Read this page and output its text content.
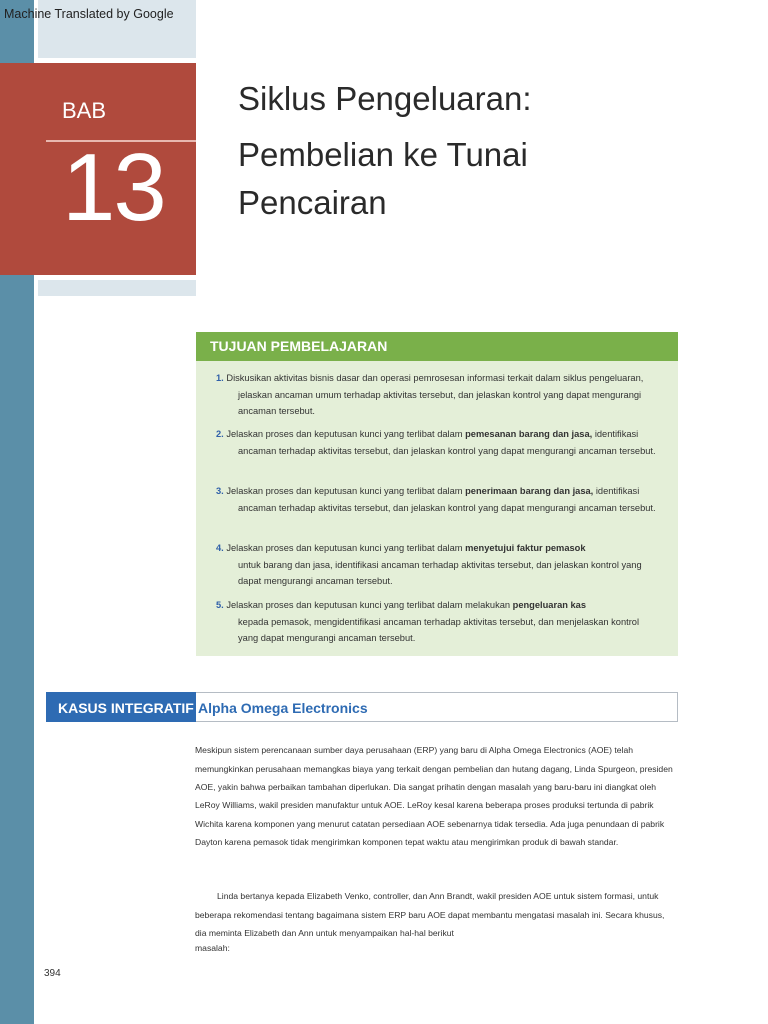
Machine Translated by Google
BAB
13
Siklus Pengeluaran:
Pembelian ke Tunai
Pencairan
TUJUAN PEMBELAJARAN
1. Diskusikan aktivitas bisnis dasar dan operasi pemrosesan informasi terkait dalam siklus pengeluaran,
jelaskan ancaman umum terhadap aktivitas tersebut, dan jelaskan kontrol yang dapat mengurangi
ancaman tersebut.
2. Jelaskan proses dan keputusan kunci yang terlibat dalam pemesanan barang dan jasa, identifikasi
ancaman terhadap aktivitas tersebut, dan jelaskan kontrol yang dapat mengurangi ancaman tersebut.
3. Jelaskan proses dan keputusan kunci yang terlibat dalam penerimaan barang dan jasa, identifikasi
ancaman terhadap aktivitas tersebut, dan jelaskan kontrol yang dapat mengurangi ancaman tersebut.
4. Jelaskan proses dan keputusan kunci yang terlibat dalam menyetujui faktur pemasok
untuk barang dan jasa, identifikasi ancaman terhadap aktivitas tersebut, dan jelaskan kontrol yang
dapat mengurangi ancaman tersebut.
5. Jelaskan proses dan keputusan kunci yang terlibat dalam melakukan pengeluaran kas
kepada pemasok, mengidentifikasi ancaman terhadap aktivitas tersebut, dan menjelaskan kontrol
yang dapat mengurangi ancaman tersebut.
KASUS INTEGRATIF Alpha Omega Electronics
Meskipun sistem perencanaan sumber daya perusahaan (ERP) yang baru di Alpha Omega Electronics (AOE) telah
memungkinkan perusahaan memangkas biaya yang terkait dengan pembelian dan hutang dagang, Linda Spurgeon, presiden
AOE, yakin bahwa perbaikan tambahan diperlukan. Dia sangat prihatin dengan masalah yang baru-baru ini diangkat oleh
LeRoy Williams, wakil presiden manufaktur untuk AOE. LeRoy kesal karena beberapa proses produksi tertunda di pabrik
Wichita karena komponen yang menurut catatan persediaan AOE sebenarnya tidak tersedia. Ada juga penundaan di pabrik
Dayton karena pemasok tidak mengirimkan komponen tepat waktu atau mengirimkan produk di bawah standar.
Linda bertanya kepada Elizabeth Venko, controller, dan Ann Brandt, wakil presiden AOE untuk sistem formasi, untuk
beberapa rekomendasi tentang bagaimana sistem ERP baru AOE dapat membantu mengatasi masalah ini. Secara khusus,
dia meminta Elizabeth dan Ann untuk menyampaikan hal-hal berikut
masalah:
394
